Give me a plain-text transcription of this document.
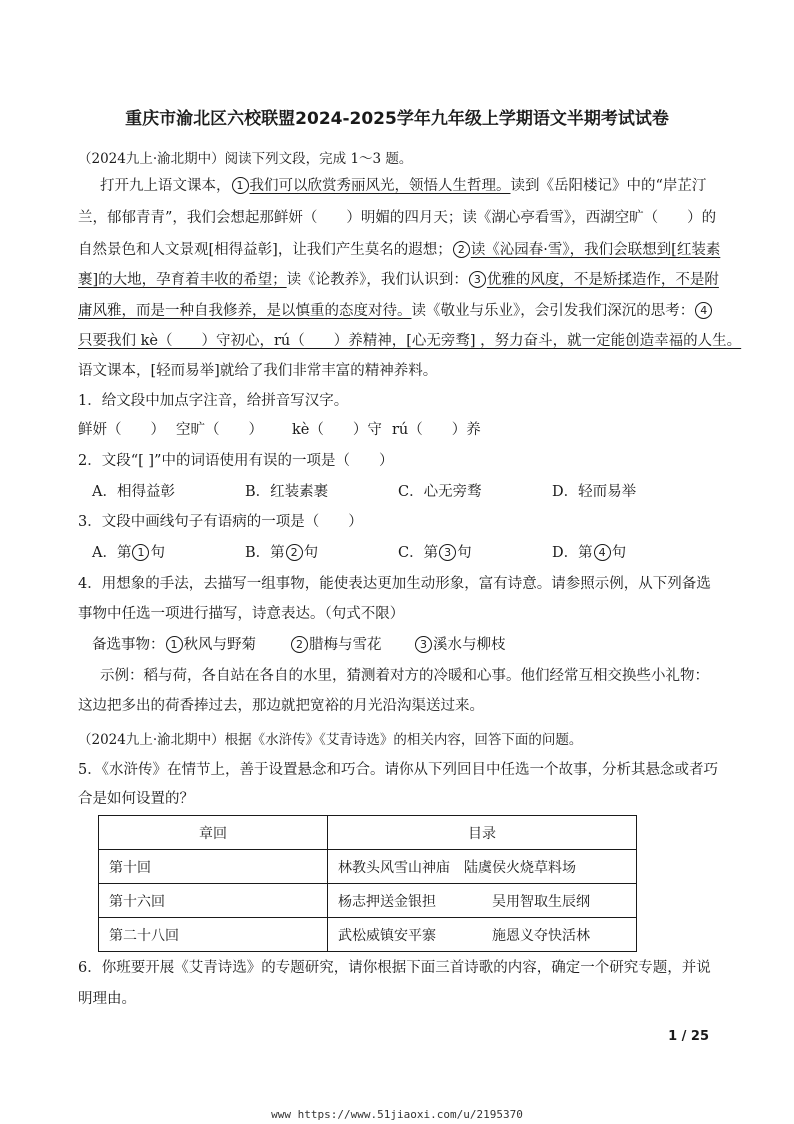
重庆市渝北区六校联盟2024-2025学年九年级上学期语文半期考试试卷
（2024九上·渝北期中）阅读下列文段，完成 1～3 题。
打开九上语文课本， 1 我们可以欣赏秀丽风光，领悟人生哲理。读到《岳阳楼记》中的“岸芷汀
兰，郁郁青青”，我们会想起那鲜妍（　　）明媚的四月天；读《湖心亭看雪》，西湖空旷（　　）的
自然景色和人文景观[相得益彰]，让我们产生莫名的遐想； 2 读《沁园春·雪》，我们会联想到[红装素
裹]的大地，孕育着丰收的希望；读《论教养》，我们认识到： 3 优雅的风度，不是矫揉造作，不是附
庸风雅，而是一种自我修养，是以慎重的态度对待。读《敬业与乐业》，会引发我们深沉的思考： 4
只要我们 kè（　　）守初心，rú（　　）养精神，[心无旁骛] ，努力奋斗，就一定能创造幸福的人生。
语文课本，[轻而易举]就给了我们非常丰富的精神养料。
1．给文段中加点字注音，给拼音写汉字。
鲜妍（　　） 空旷（　　） kè（　　）守 rú（　　）养
2．文段“[ ]”中的词语使用有误的一项是（　　）
A．相得益彰	B．红装素裹	C．心无旁骛	D．轻而易举
3．文段中画线句子有语病的一项是（　　）
A．第 1 句	B．第 2 句	C．第 3 句	D．第 4 句
4．用想象的手法，去描写一组事物，能使表达更加生动形象，富有诗意。请参照示例，从下列备选
事物中任选一项进行描写，诗意表达。（句式不限）
备选事物： 1 秋风与野菊	2 腊梅与雪花	3 溪水与柳枝
示例：稻与荷，各自站在各自的水里，猜测着对方的冷暖和心事。他们经常互相交换些小礼物：
这边把多出的荷香捧过去，那边就把宽裕的月光沿沟渠送过来。
（2024九上·渝北期中）根据《水浒传》《艾青诗选》的相关内容，回答下面的问题。
5．《水浒传》在情节上，善于设置悬念和巧合。请你从下列回目中任选一个故事，分析其悬念或者巧
合是如何设置的？
章回	目录
第十回	林教头风雪山神庙　陆虞侯火烧草料场
第十六回	杨志押送金银担　　　　吴用智取生辰纲
第二十八回	武松威镇安平寨　　　　施恩义夺快活林
6．你班要开展《艾青诗选》的专题研究，请你根据下面三首诗歌的内容，确定一个研究专题，并说
明理由。
1 / 25
www https://www.51jiaoxi.com/u/2195370
